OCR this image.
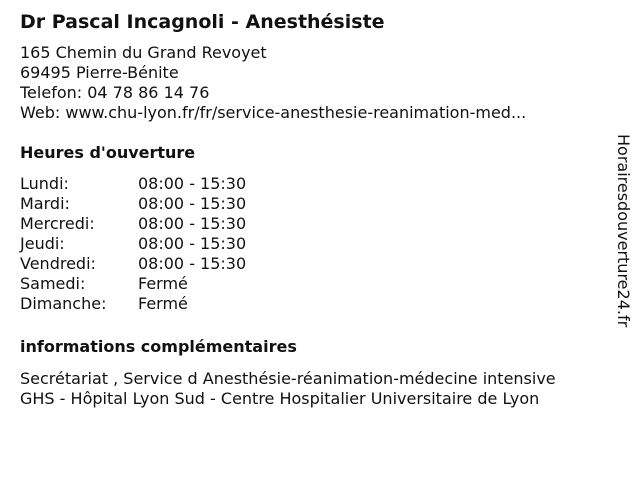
Dr Pascal Incagnoli - Anesthésiste
165 Chemin du Grand Revoyet
69495 Pierre-Bénite
Telefon: 04 78 86 14 76
Web: www.chu-lyon.fr/fr/service-anesthesie-reanimation-med...
Heures d'ouverture
Lundi:	08:00 - 15:30
Mardi:	08:00 - 15:30
Mercredi:	08:00 - 15:30
Jeudi:	08:00 - 15:30
Vendredi:	08:00 - 15:30
Samedi:	Fermé
Dimanche:	Fermé
informations complémentaires
Secrétariat , Service d Anesthésie-réanimation-médecine intensive
GHS - Hôpital Lyon Sud - Centre Hospitalier Universitaire de Lyon
Horairesdouverture24.fr
